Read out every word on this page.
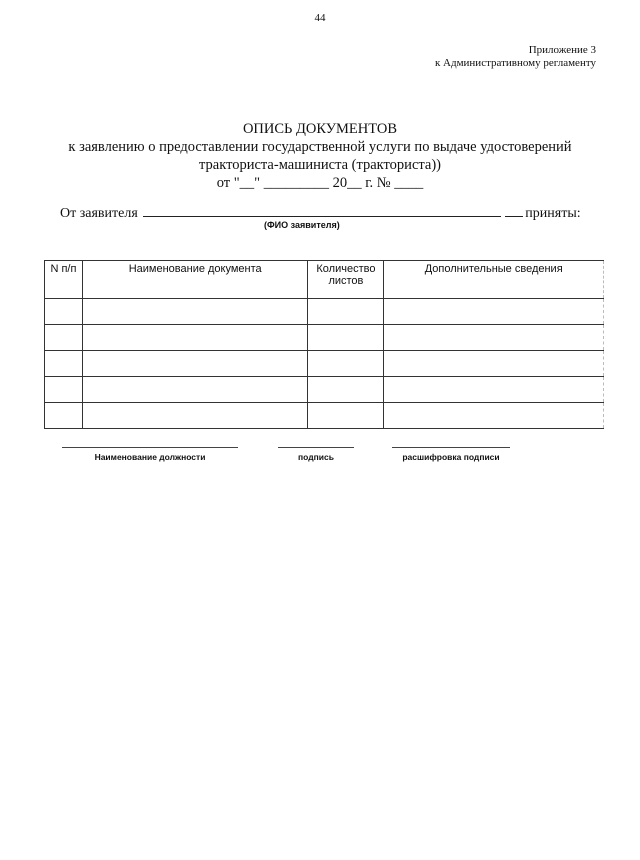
44
Приложение 3
к Административному регламенту
ОПИСЬ ДОКУМЕНТОВ
к заявлению о предоставлении государственной услуги по выдаче удостоверений
тракториста-машиниста (тракториста))
от "__" _________ 20__ г. № ____
От заявителя	приняты:
(ФИО заявителя)
N п/п	Наименование документа	Количество листов	Дополнительные сведения

Наименование должности	подпись	расшифровка подписи
